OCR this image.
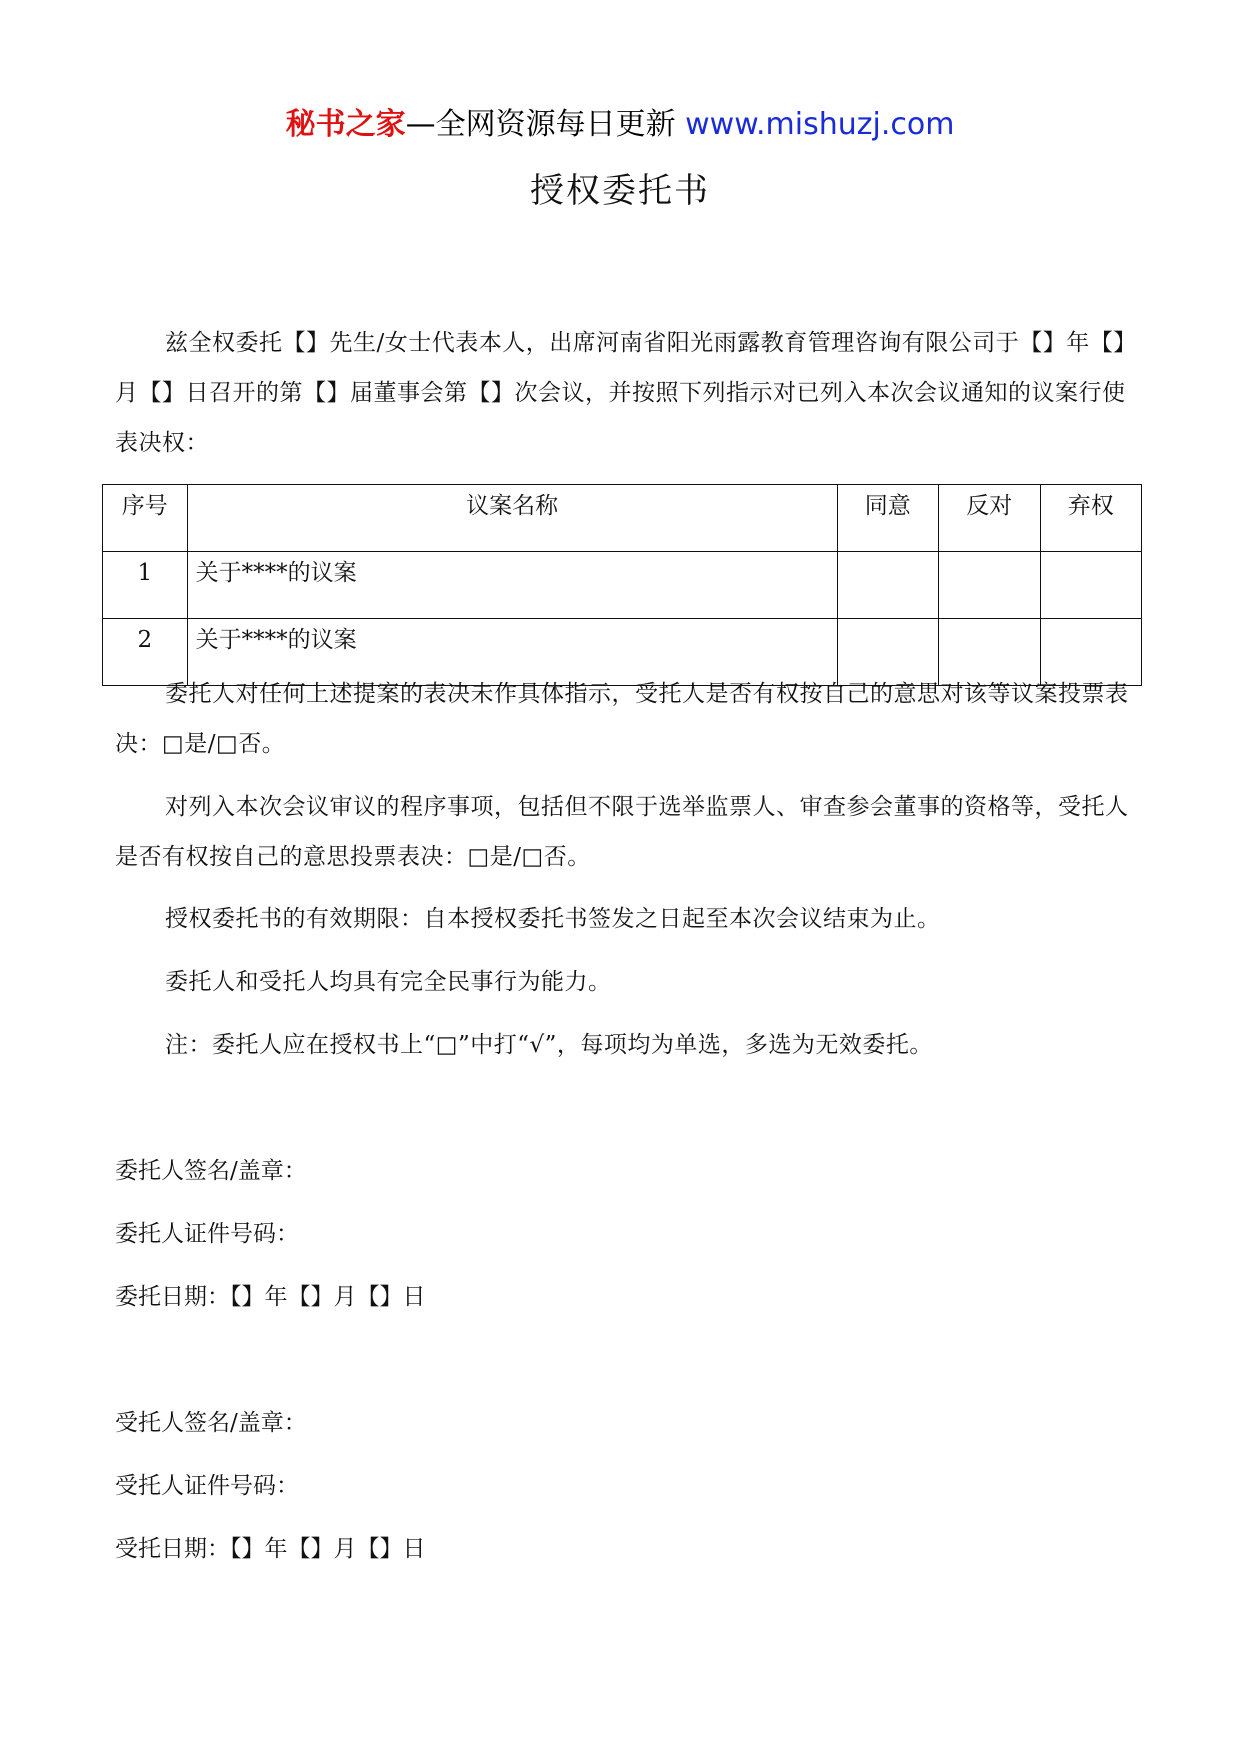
秘书之家—全网资源每日更新 www.mishuzj.com
授权委托书
兹全权委托【】先生/女士代表本人，出席河南省阳光雨露教育管理咨询有限公司于【】年【】月【】日召开的第【】届董事会第【】次会议，并按照下列指示对已列入本次会议通知的议案行使表决权：
序号	议案名称	同意	反对	弃权
1	关于****的议案			
2	关于****的议案			
委托人对任何上述提案的表决未作具体指示，受托人是否有权按自己的意思对该等议案投票表决：□是/□否。
对列入本次会议审议的程序事项，包括但不限于选举监票人、审查参会董事的资格等，受托人是否有权按自己的意思投票表决：□是/□否。
授权委托书的有效期限：自本授权委托书签发之日起至本次会议结束为止。
委托人和受托人均具有完全民事行为能力。
注：委托人应在授权书上“□”中打“√”，每项均为单选，多选为无效委托。
委托人签名/盖章：
委托人证件号码：
委托日期：【】年【】月【】日
受托人签名/盖章：
受托人证件号码：
受托日期：【】年【】月【】日
